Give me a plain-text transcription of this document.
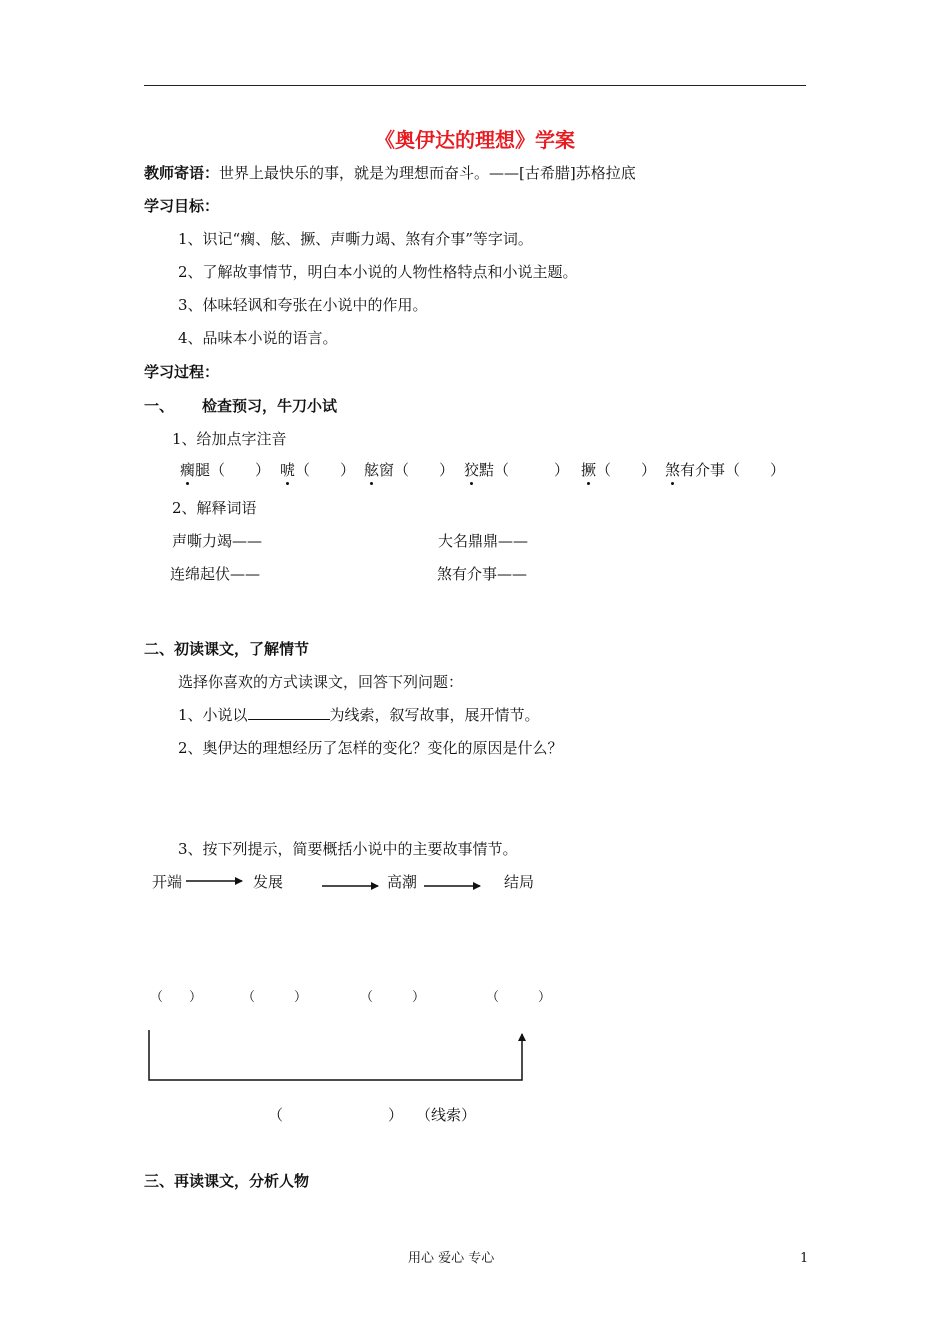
《奥伊达的理想》学案
教师寄语：世界上最快乐的事，就是为理想而奋斗。——[古希腊]苏格拉底
学习目标：
1、识记“瘸、舷、撅、声嘶力竭、煞有介事”等字词。
2、了解故事情节，明白本小说的人物性格特点和小说主题。
3、体味轻讽和夸张在小说中的作用。
4、品味本小说的语言。
学习过程：
一、 检查预习，牛刀小试
1、给加点字注音
瘸腿（　　） 唬（　　） 舷窗（　　） 狡黠（　　　） 撅（　　） 煞有介事（　　）
2、解释词语
声嘶力竭——	大名鼎鼎——
连绵起伏——	煞有介事——
二、初读课文，了解情节
选择你喜欢的方式读课文，回答下列问题：
1、小说以	为线索，叙写故事，展开情节。
2、奥伊达的理想经历了怎样的变化？变化的原因是什么？
3、按下列提示，简要概括小说中的主要故事情节。
开端	发展	高潮	结局
（　　）	（　　　）	（　　　）	（　　　）
（　　　　　　　） （线索）
三、再读课文，分析人物
用心 爱心 专心	1
